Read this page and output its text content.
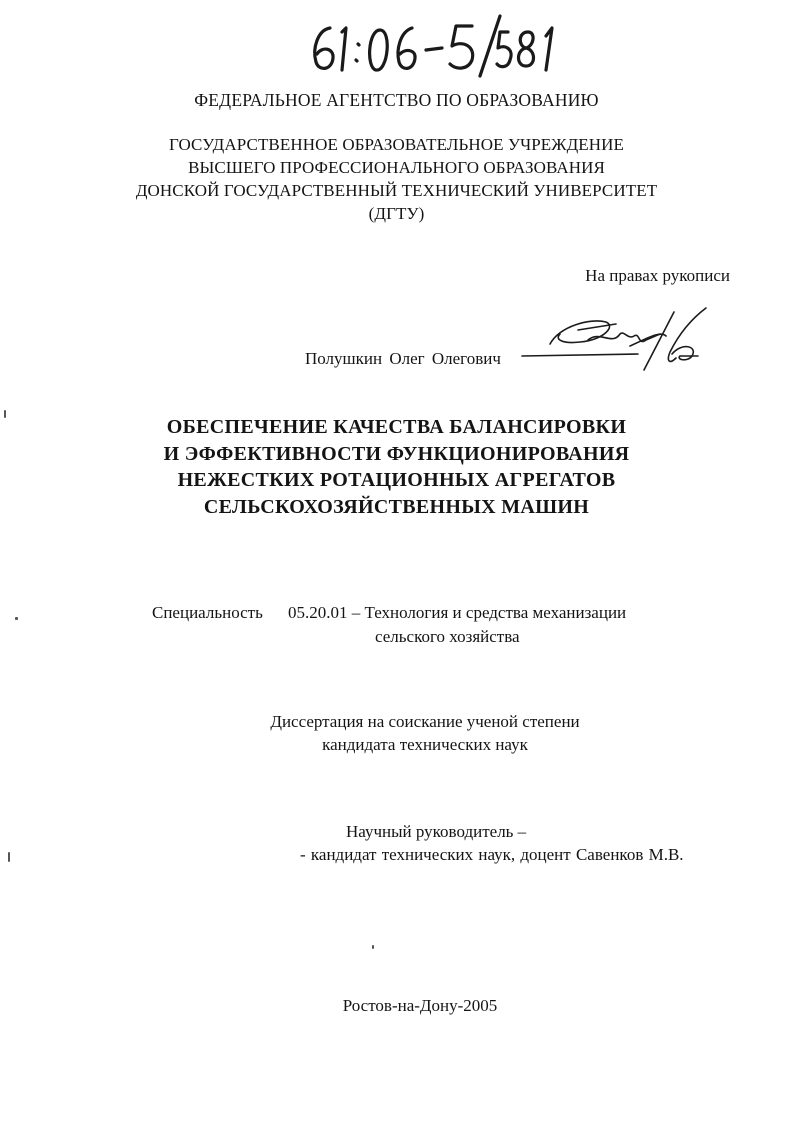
ФЕДЕРАЛЬНОЕ АГЕНТСТВО ПО ОБРАЗОВАНИЮ
ГОСУДАРСТВЕННОЕ ОБРАЗОВАТЕЛЬНОЕ УЧРЕЖДЕНИЕ
ВЫСШЕГО ПРОФЕССИОНАЛЬНОГО ОБРАЗОВАНИЯ
ДОНСКОЙ ГОСУДАРСТВЕННЫЙ ТЕХНИЧЕСКИЙ УНИВЕРСИТЕТ
(ДГТУ)
На правах рукописи
Полушкин Олег Олегович
ОБЕСПЕЧЕНИЕ КАЧЕСТВА БАЛАНСИРОВКИ
И ЭФФЕКТИВНОСТИ ФУНКЦИОНИРОВАНИЯ
НЕЖЕСТКИХ РОТАЦИОННЫХ АГРЕГАТОВ
СЕЛЬСКОХОЗЯЙСТВЕННЫХ МАШИН
Специальность 05.20.01 – Технология и средства механизации
сельского хозяйства
Диссертация на соискание ученой степени
кандидата технических наук
Научный руководитель –
- кандидат технических наук, доцент Савенков М.В.
Ростов-на-Дону-2005
